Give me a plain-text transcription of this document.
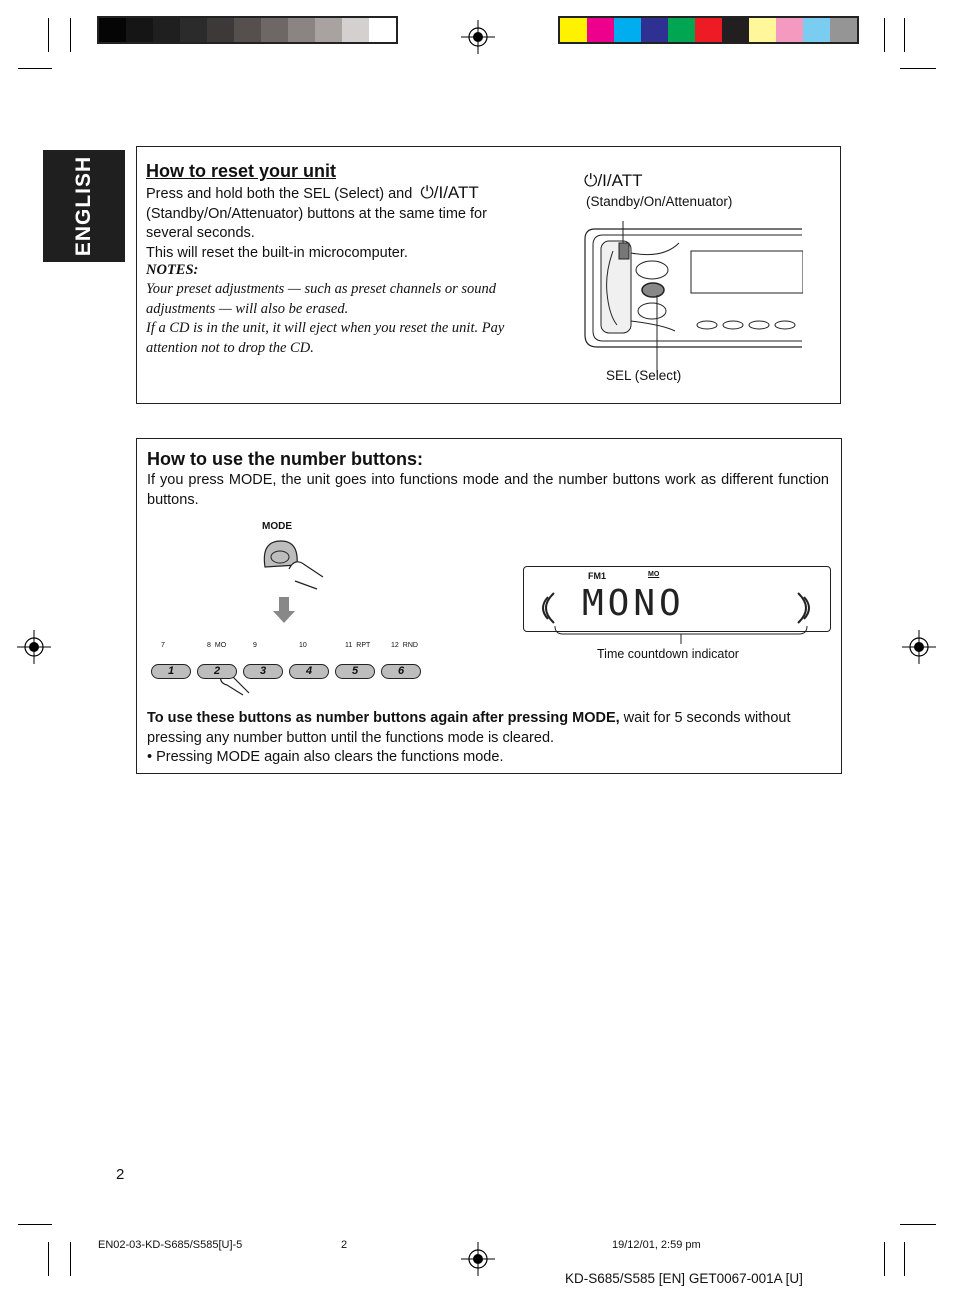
ENGLISH	How to reset your unit
Press and hold both the SEL (Select) and ⏻/I/ATT (Standby/On/Attenuator) buttons at the same time for several seconds.
This will reset the built-in microcomputer.
NOTES:
Your preset adjustments — such as preset channels or sound adjustments — will also be erased.
If a CD is in the unit, it will eject when you reset the unit. Pay attention not to drop the CD.
⏻/I/ATT
(Standby/On/Attenuator)
SEL (Select)
How to use the number buttons:
If you press MODE, the unit goes into functions mode and the number buttons work as different function buttons.
MODE
FM1	MO
MONO
Time countdown indicator
To use these buttons as number buttons again after pressing MODE, wait for 5 seconds without pressing any number button until the functions mode is cleared.
• Pressing MODE again also clears the functions mode.
7	8 MO	9	10	11 RPT	12 RND
1	2	3	4	5	6
2
EN02-03-KD-S685/S585[U]-5	2	19/12/01, 2:59 pm
KD-S685/S585 [EN] GET0067-001A [U]
